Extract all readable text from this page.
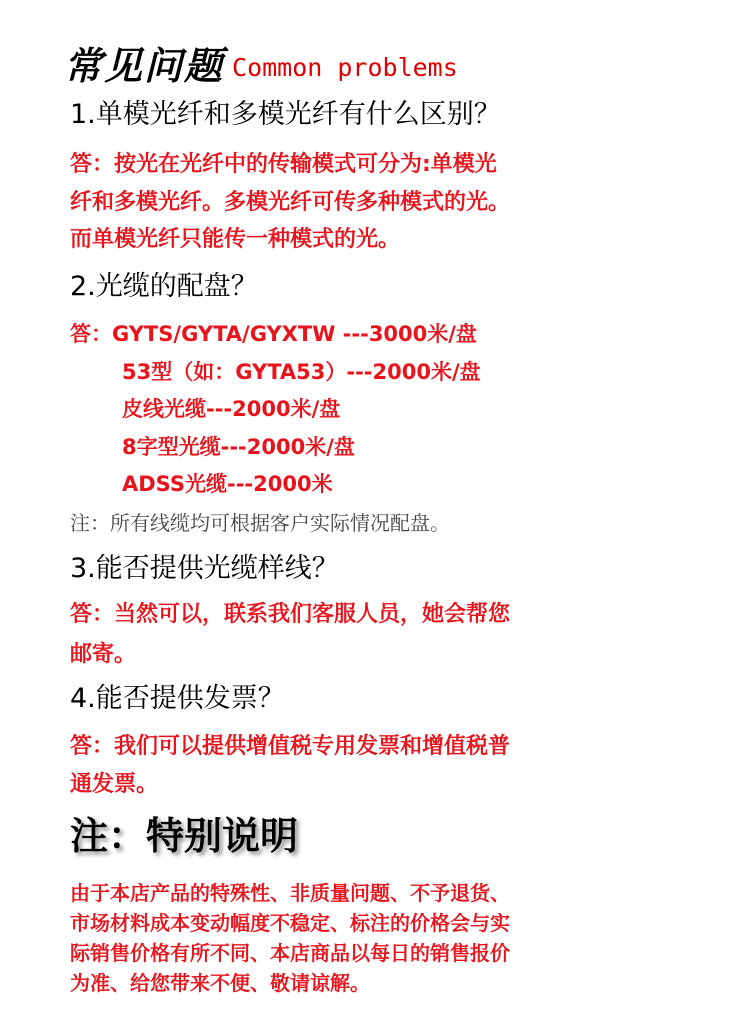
常见问题 Common problems
1.单模光纤和多模光纤有什么区别？
答：按光在光纤中的传输模式可分为:单模光
纤和多模光纤。多模光纤可传多种模式的光。
而单模光纤只能传一种模式的光。
2.光缆的配盘？
答：GYTS/GYTA/GYXTW ---3000米/盘
53型（如：GYTA53）---2000米/盘
皮线光缆---2000米/盘
8字型光缆---2000米/盘
ADSS光缆---2000米
注：所有线缆均可根据客户实际情况配盘。
3.能否提供光缆样线？
答：当然可以，联系我们客服人员，她会帮您
邮寄。
4.能否提供发票？
答：我们可以提供增值税专用发票和增值税普
通发票。
注：特别说明
由于本店产品的特殊性、非质量问题、不予退货、
市场材料成本变动幅度不稳定、标注的价格会与实
际销售价格有所不同、本店商品以每日的销售报价
为准、给您带来不便、敬请谅解。
